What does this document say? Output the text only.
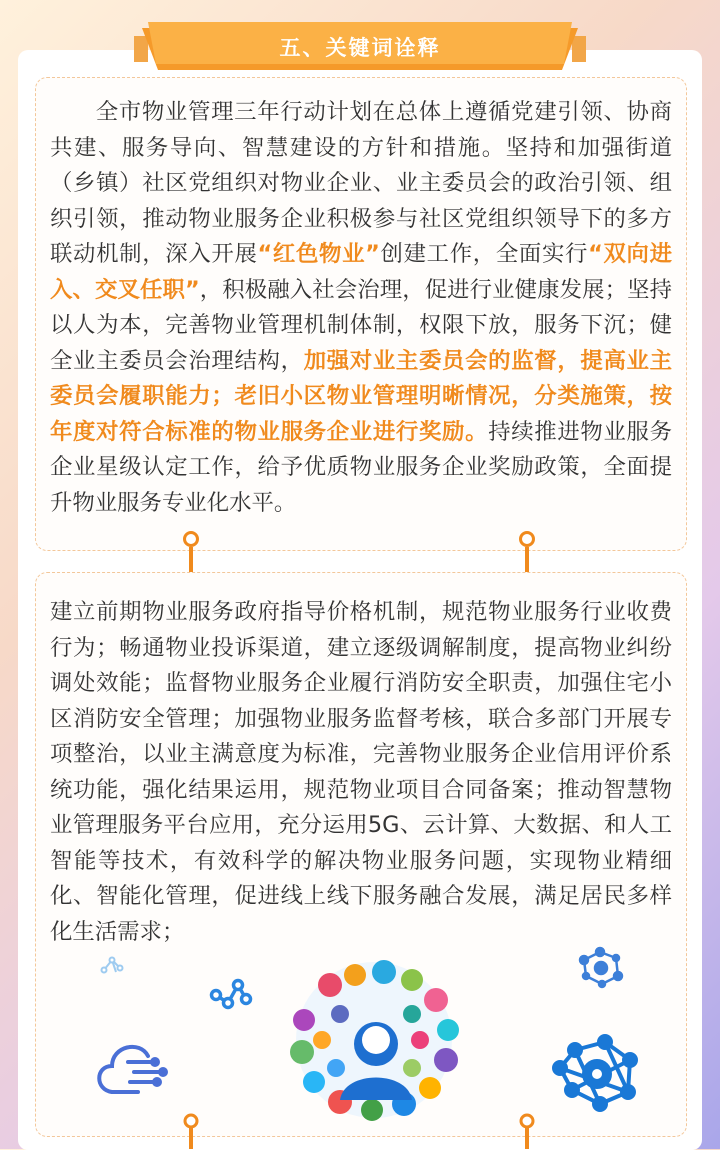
五、关键词诠释
全市物业管理三年行动计划在总体上遵循党建引领、协商共建、服务导向、智慧建设的方针和措施。坚持和加强街道（乡镇）社区党组织对物业企业、业主委员会的政治引领、组织引领，推动物业服务企业积极参与社区党组织领导下的多方联动机制，深入开展“红色物业”创建工作，全面实行“双向进入、交叉任职”，积极融入社会治理，促进行业健康发展；坚持以人为本，完善物业管理机制体制，权限下放，服务下沉；健全业主委员会治理结构，加强对业主委员会的监督，提高业主委员会履职能力；老旧小区物业管理明晰情况，分类施策，按年度对符合标准的物业服务企业进行奖励。持续推进物业服务企业星级认定工作，给予优质物业服务企业奖励政策，全面提升物业服务专业化水平。
建立前期物业服务政府指导价格机制，规范物业服务行业收费行为；畅通物业投诉渠道，建立逐级调解制度，提高物业纠纷调处效能；监督物业服务企业履行消防安全职责，加强住宅小区消防安全管理；加强物业服务监督考核，联合多部门开展专项整治，以业主满意度为标准，完善物业服务企业信用评价系统功能，强化结果运用，规范物业项目合同备案；推动智慧物业管理服务平台应用，充分运用5G、云计算、大数据、和人工智能等技术，有效科学的解决物业服务问题，实现物业精细化、智能化管理，促进线上线下服务融合发展，满足居民多样化生活需求；
